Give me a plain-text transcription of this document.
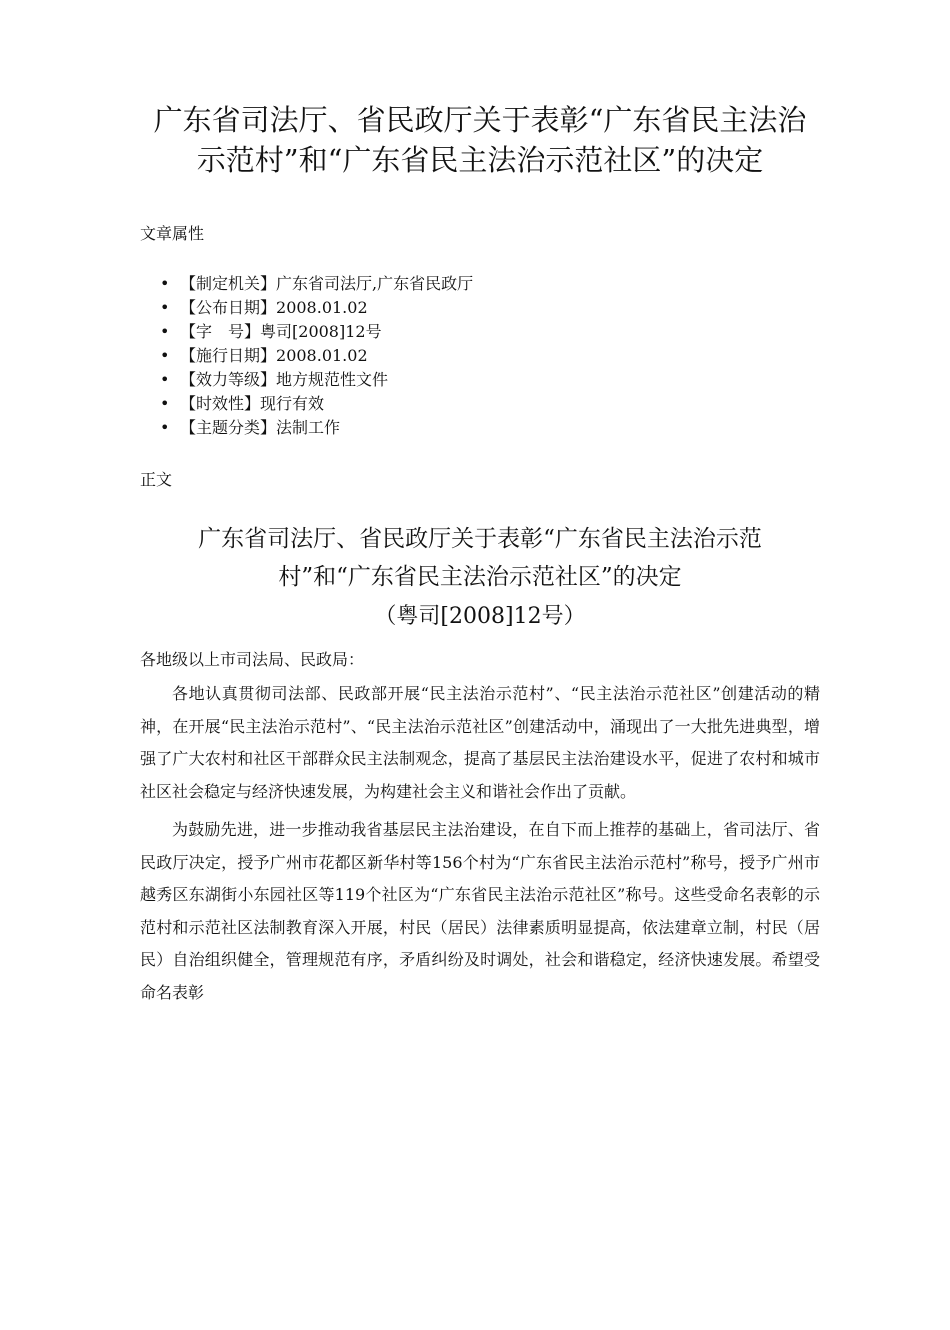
广东省司法厅、省民政厅关于表彰“广东省民主法治示范村”和“广东省民主法治示范社区”的决定
文章属性
• 【制定机关】广东省司法厅,广东省民政厅
• 【公布日期】2008.01.02
• 【字　号】粤司[2008]12号
• 【施行日期】2008.01.02
• 【效力等级】地方规范性文件
• 【时效性】现行有效
• 【主题分类】法制工作
正文
广东省司法厅、省民政厅关于表彰“广东省民主法治示范村”和“广东省民主法治示范社区”的决定
（粤司[2008]12号）
各地级以上市司法局、民政局：

各地认真贯彻司法部、民政部开展“民主法治示范村”、“民主法治示范社区”创建活动的精神，在开展“民主法治示范村”、“民主法治示范社区”创建活动中，涌现出了一大批先进典型，增强了广大农村和社区干部群众民主法制观念，提高了基层民主法治建设水平，促进了农村和城市社区社会稳定与经济快速发展，为构建社会主义和谐社会作出了贡献。

为鼓励先进，进一步推动我省基层民主法治建设，在自下而上推荐的基础上，省司法厅、省民政厅决定，授予广州市花都区新华村等156个村为“广东省民主法治示范村”称号，授予广州市越秀区东湖街小东园社区等119个社区为“广东省民主法治示范社区”称号。这些受命名表彰的示范村和示范社区法制教育深入开展，村民（居民）法律素质明显提高，依法建章立制，村民（居民）自治组织健全，管理规范有序，矛盾纠纷及时调处，社会和谐稳定，经济快速发展。希望受命名表彰
